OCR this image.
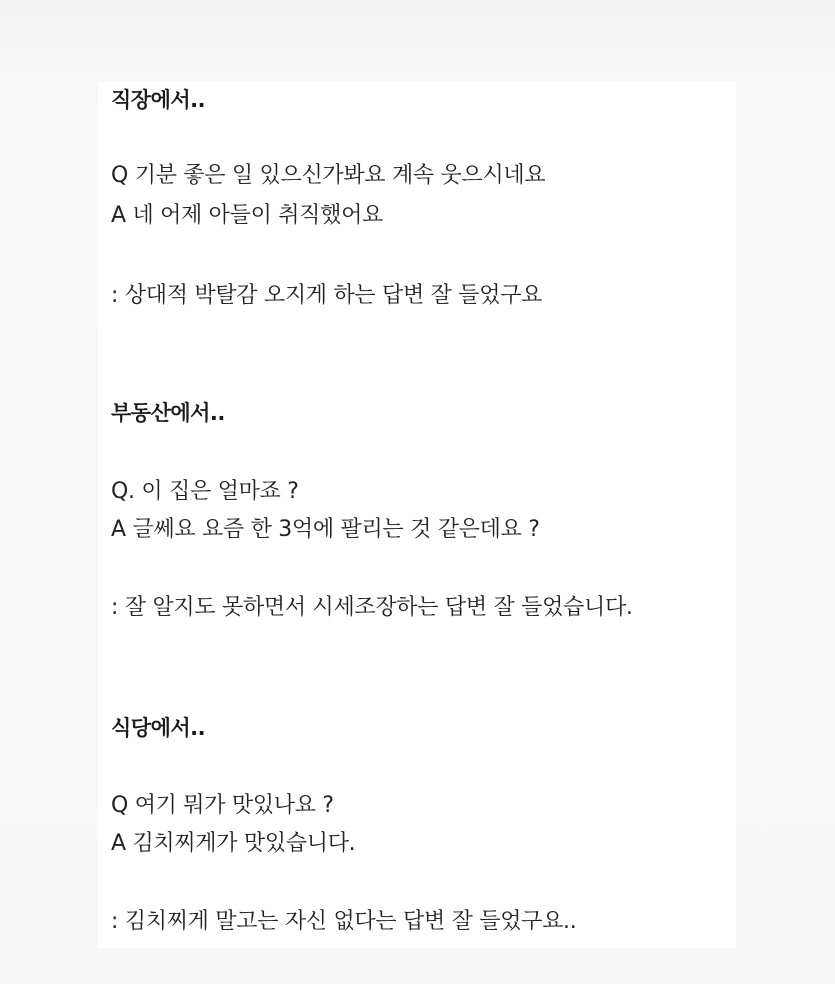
직장에서..
Q 기분 좋은 일 있으신가봐요 계속 웃으시네요
A 네 어제 아들이 취직했어요
: 상대적 박탈감 오지게 하는 답변 잘 들었구요
부동산에서..
Q. 이 집은 얼마죠 ?
A 글쎄요 요즘 한 3억에 팔리는 것 같은데요 ?
: 잘 알지도 못하면서 시세조장하는 답변 잘 들었습니다.
식당에서..
Q 여기 뭐가 맛있나요 ?
A 김치찌게가 맛있습니다.
: 김치찌게 말고는 자신 없다는 답변 잘 들었구요..
